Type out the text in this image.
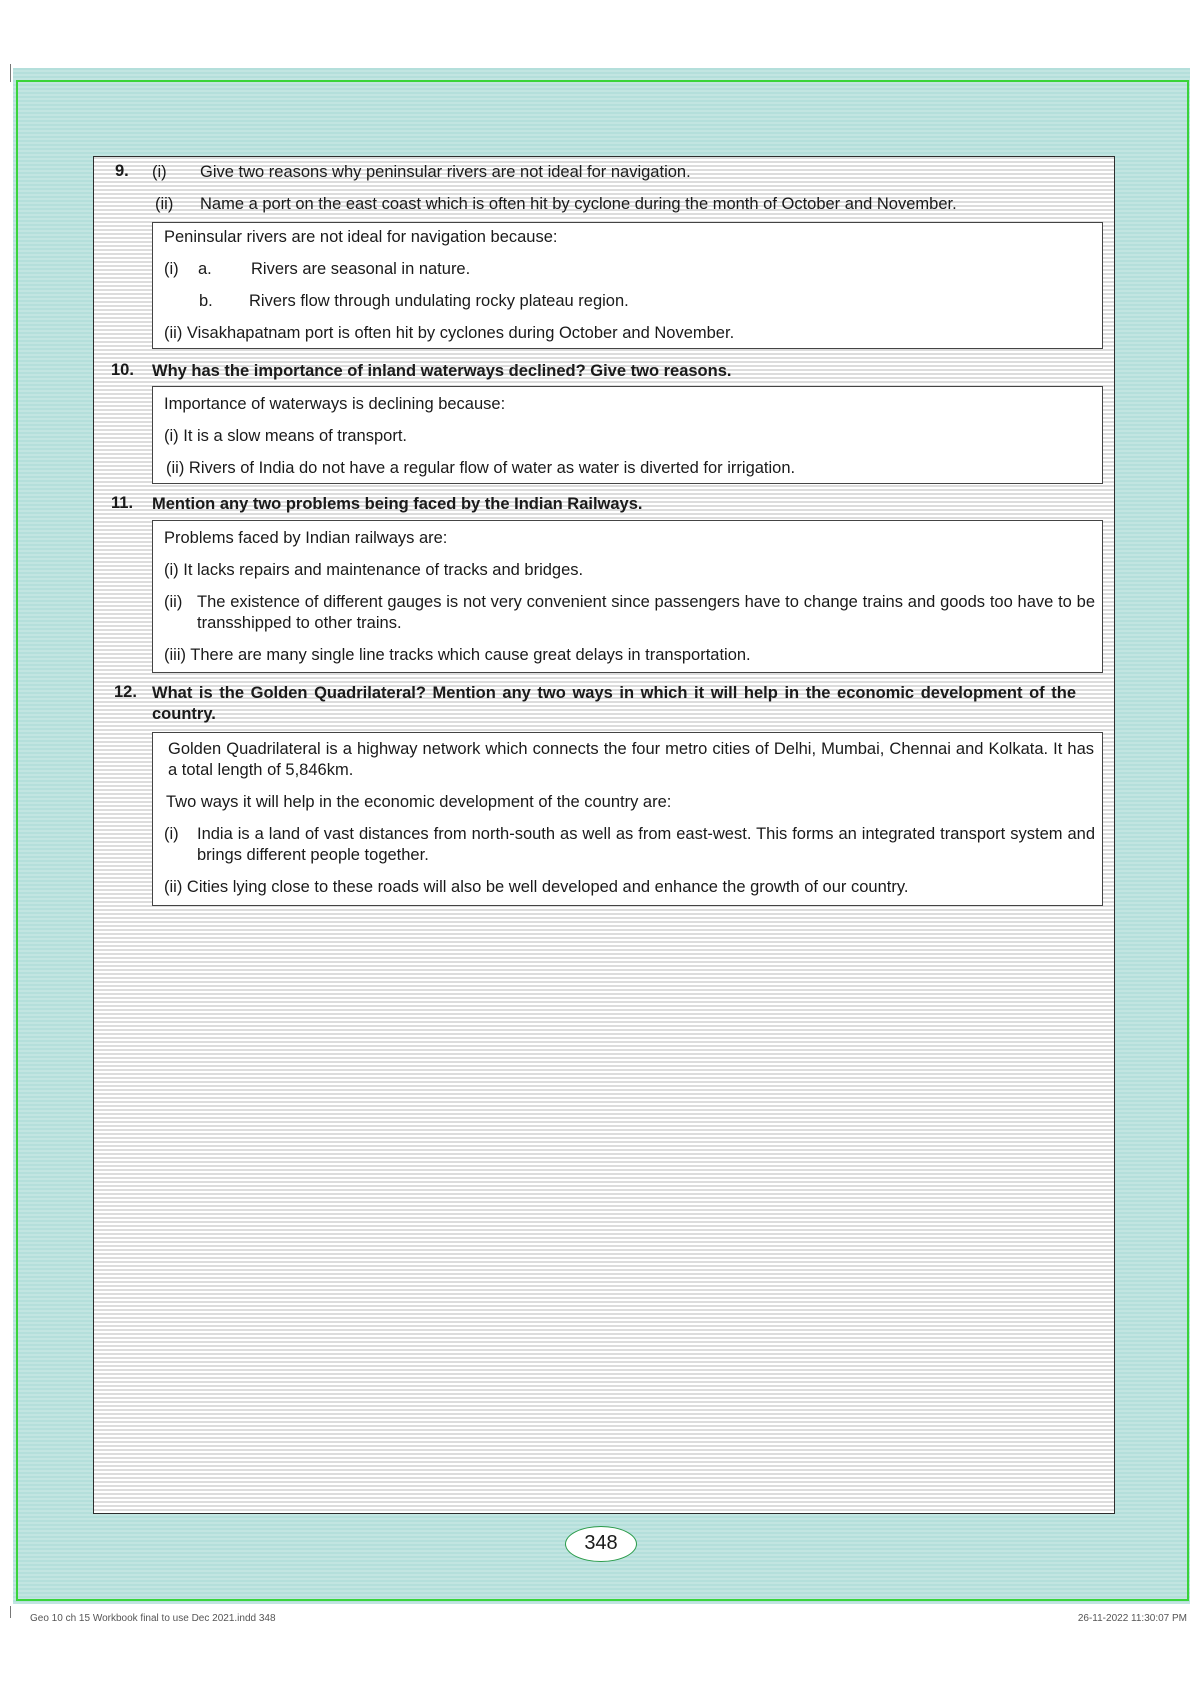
9. (i) Give two reasons why peninsular rivers are not ideal for navigation.
(ii) Name a port on the east coast which is often hit by cyclone during the month of October and November.
Peninsular rivers are not ideal for navigation because:
(i) a. Rivers are seasonal in nature.
b. Rivers flow through undulating rocky plateau region.
(ii) Visakhapatnam port is often hit by cyclones during October and November.
10. Why has the importance of inland waterways declined? Give two reasons.
Importance of waterways is declining because:
(i) It is a slow means of transport.
(ii) Rivers of India do not have a regular flow of water as water is diverted for irrigation.
11. Mention any two problems being faced by the Indian Railways.
Problems faced by Indian railways are:
(i) It lacks repairs and maintenance of tracks and bridges.
(ii) The existence of different gauges is not very convenient since passengers have to change trains and goods too have to be transshipped to other trains.
(iii) There are many single line tracks which cause great delays in transportation.
12. What is the Golden Quadrilateral? Mention any two ways in which it will help in the economic development of the country.
Golden Quadrilateral is a highway network which connects the four metro cities of Delhi, Mumbai, Chennai and Kolkata. It has a total length of 5,846km.
Two ways it will help in the economic development of the country are:
(i) India is a land of vast distances from north-south as well as from east-west. This forms an integrated transport system and brings different people together.
(ii) Cities lying close to these roads will also be well developed and enhance the growth of our country.
348
Geo 10 ch 15 Workbook final to use Dec 2021.indd 348	26-11-2022 11:30:07 PM
